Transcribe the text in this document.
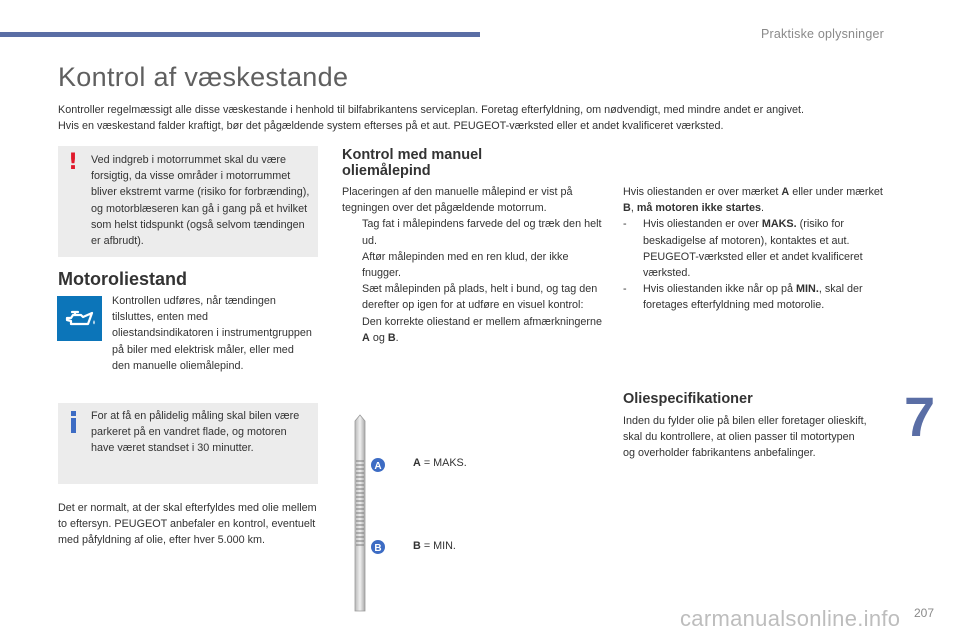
Praktiske oplysninger
Kontrol af væskestande

Kontroller regelmæssigt alle disse væskestande i henhold til bilfabrikantens serviceplan. Foretag efterfyldning, om nødvendigt, med mindre andet er angivet.

Hvis en væskestand falder kraftigt, bør det pågældende system efterses på et aut. PEUGEOT-værksted eller et andet kvalificeret værksted.

! Ved indgreb i motorrummet skal du være forsigtig, da visse områder i motorrummet bliver ekstremt varme (risiko for forbrænding), og motorblæseren kan gå i gang på et hvilket som helst tidspunkt (også selvom tændingen er afbrudt).
Motoroliestand
Kontrollen udføres, når tændingen tilsluttes, enten med oliestandsindikatoren i instrumentgruppen på biler med elektrisk måler, eller med den manuelle oliemålepind.
For at få en pålidelig måling skal bilen være parkeret på en vandret flade, og motoren have været standset i 30 minutter.
Det er normalt, at der skal efterfyldes med olie mellem to eftersyn. PEUGEOT anbefaler en kontrol, eventuelt med påfyldning af olie, efter hver 5.000 km.
Kontrol med manuel
oliemålepind
Placeringen af den manuelle målepind er vist på tegningen over det pågældende motorrum.
Tag fat i målepindens farvede del og træk den helt ud.
Aftør målepinden med en ren klud, der ikke fnugger.
Sæt målepinden på plads, helt i bund, og tag den derefter op igen for at udføre en visuel kontrol: Den korrekte oliestand er mellem afmærkningerne A og B.
Hvis oliestanden er over mærket A eller under mærket B, må motoren ikke startes.
- Hvis oliestanden er over MAKS. (risiko for beskadigelse af motoren), kontaktes et aut. PEUGEOT-værksted eller et andet kvalificeret værksted.
- Hvis oliestanden ikke når op på MIN., skal der foretages efterfyldning med motorolie.
A
B
A = MAKS.
B = MIN.
Oliespecifikationer
Inden du fylder olie på bilen eller foretager olieskift, skal du kontrollere, at olien passer til motortypen og overholder fabrikantens anbefalinger.
7
carmanualsonline.info 207
